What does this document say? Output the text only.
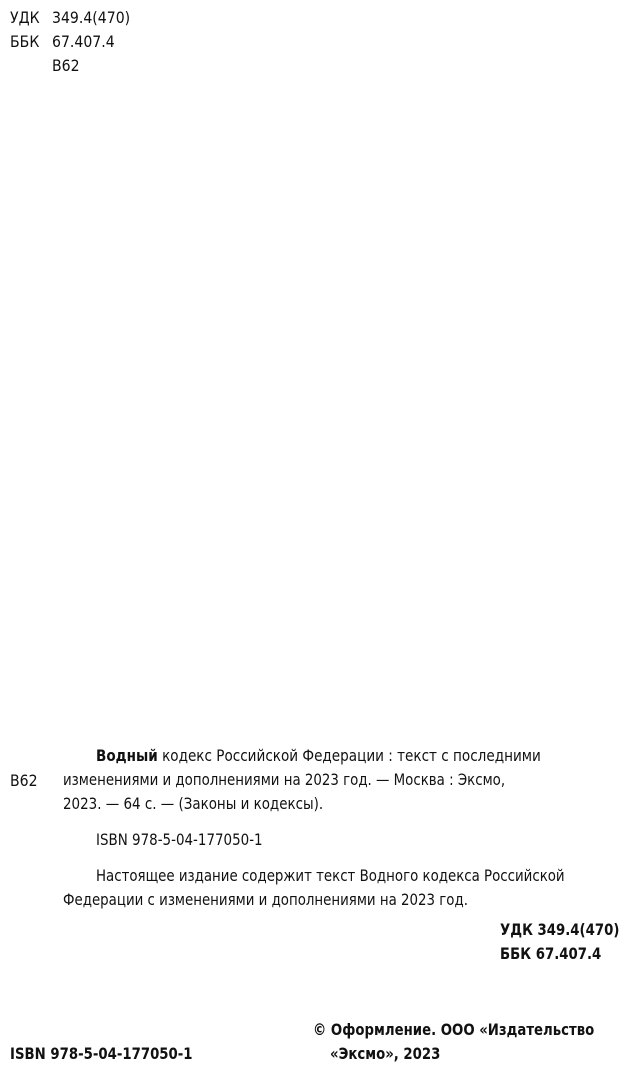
УДК 349.4(470)
ББК 67.407.4
В62
В62
Водный кодекс Российской Федерации : текст с последними
изменениями и дополнениями на 2023 год. — Москва : Эксмо,
2023. — 64 с. — (Законы и кодексы).
ISBN 978-5-04-177050-1
Настоящее издание содержит текст Водного кодекса Российской
Федерации с изменениями и дополнениями на 2023 год.
УДК 349.4(470)
ББК 67.407.4
ISBN 978-5-04-177050-1
© Оформление. ООО «Издательство
«Эксмо», 2023
